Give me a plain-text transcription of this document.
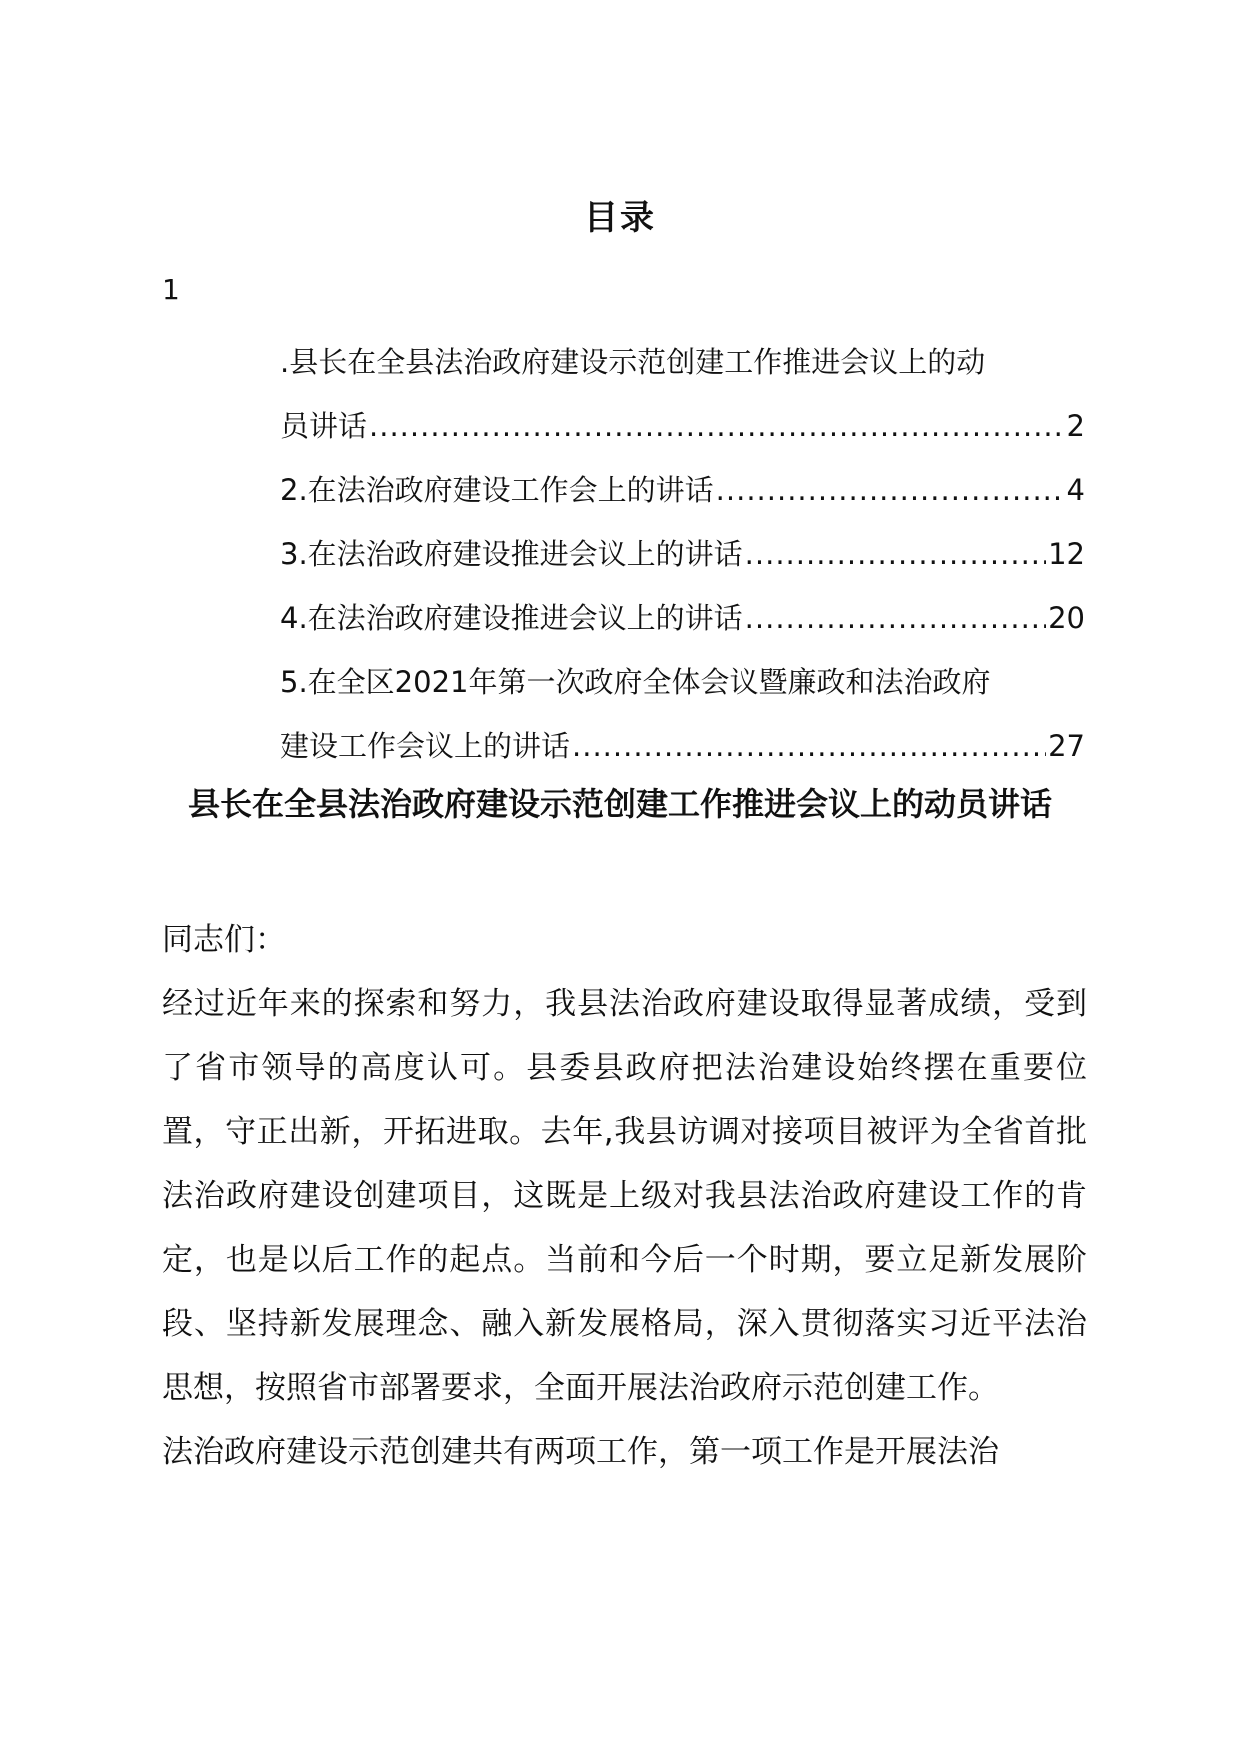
目录
1
.县长在全县法治政府建设示范创建工作推进会议上的动
员讲话 .....	2
2.在法治政府建设工作会上的讲话 .....	4
3.在法治政府建设推进会议上的讲话 .....	12
4.在法治政府建设推进会议上的讲话 .....	20
5.在全区2021年第一次政府全体会议暨廉政和法治政府
建设工作会议上的讲话 .....	27
县长在全县法治政府建设示范创建工作推进会议上的动员讲话
同志们：

经过近年来的探索和努力，我县法治政府建设取得显著成绩，受到了省市领导的高度认可。县委县政府把法治建设始终摆在重要位置，守正出新，开拓进取。去年,我县访调对接项目被评为全省首批法治政府建设创建项目，这既是上级对我县法治政府建设工作的肯定，也是以后工作的起点。当前和今后一个时期，要立足新发展阶段、坚持新发展理念、融入新发展格局，深入贯彻落实习近平法治思想，按照省市部署要求，全面开展法治政府示范创建工作。

法治政府建设示范创建共有两项工作，第一项工作是开展法治
